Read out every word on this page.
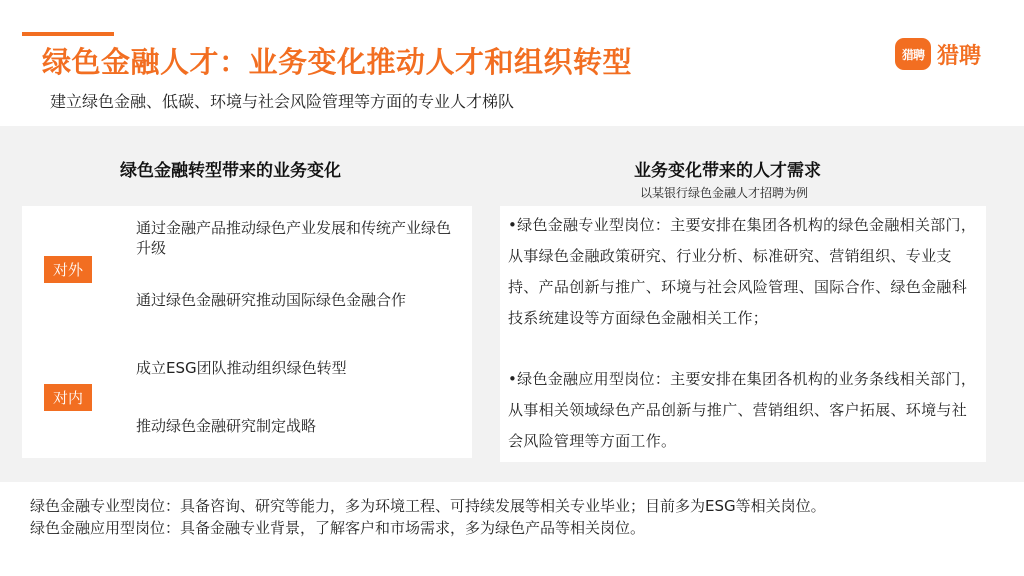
绿色金融人才：业务变化推动人才和组织转型
建立绿色金融、低碳、环境与社会风险管理等方面的专业人才梯队
猎聘 猎聘
绿色金融转型带来的业务变化
对外
通过金融产品推动绿色产业发展和传统产业绿色升级
通过绿色金融研究推动国际绿色金融合作
对内
成立ESG团队推动组织绿色转型
推动绿色金融研究制定战略
业务变化带来的人才需求
以某银行绿色金融人才招聘为例
•绿色金融专业型岗位：主要安排在集团各机构的绿色金融相关部门，从事绿色金融政策研究、行业分析、标准研究、营销组织、专业支持、产品创新与推广、环境与社会风险管理、国际合作、绿色金融科技系统建设等方面绿色金融相关工作；
•绿色金融应用型岗位：主要安排在集团各机构的业务条线相关部门，从事相关领域绿色产品创新与推广、营销组织、客户拓展、环境与社会风险管理等方面工作。
绿色金融专业型岗位：具备咨询、研究等能力，多为环境工程、可持续发展等相关专业毕业；目前多为ESG等相关岗位。
绿色金融应用型岗位：具备金融专业背景，了解客户和市场需求，多为绿色产品等相关岗位。
